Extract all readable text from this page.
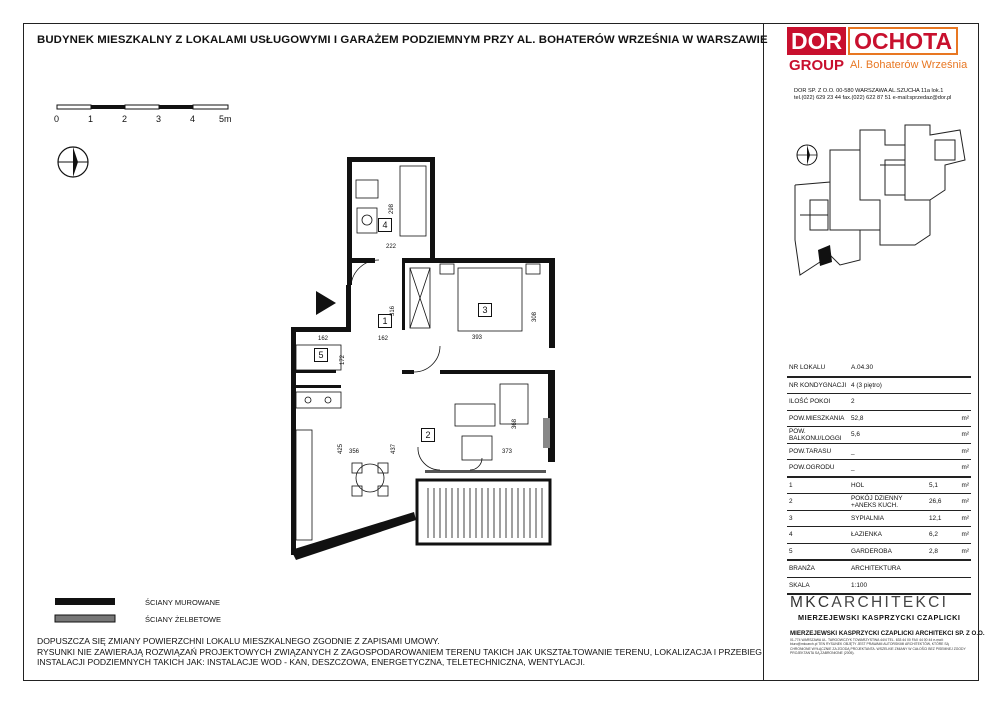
BUDYNEK MIESZKALNY Z LOKALAMI USŁUGOWYMI I GARAŻEM PODZIEMNYM PRZY AL. BOHATERÓW WRZEŚNIA W WARSZAWIE
0	1	2	3	4	5m
1
2
3
4
5
298
222
316
162	162
172
393
308
356
425	437	373
368
ŚCIANY MUROWANE
ŚCIANY ŻELBETOWE
DOPUSZCZA SIĘ ZMIANY POWIERZCHNI LOKALU MIESZKALNEGO ZGODNIE Z ZAPISAMI UMOWY.
RYSUNKI NIE ZAWIERAJĄ ROZWIĄZAŃ PROJEKTOWYCH ZWIĄZANYCH Z ZAGOSPODAROWANIEM TERENU TAKICH JAK UKSZTAŁTOWANIE TERENU, LOKALIZACJA I PRZEBIEG
INSTALACJI PODZIEMNYCH TAKICH JAK: INSTALACJE WOD - KAN, DESZCZOWA, ENERGETYCZNA, TELETECHNICZNA, WENTYLACJI.
DOR OCHOTA
GROUP Al. Bohaterów Września
DOR SP. Z O.O. 00-580 WARSZAWA AL.SZUCHA 11a lok.1
tel.(022) 629 23 44 fax.(022) 622 87 51 e-mail:sprzedaz@dor.pl
NR LOKALU	A.04.30		
NR KONDYGNACJI	4 (3 piętro)		
ILOŚĆ POKOI	2		
POW.MIESZKANIA	52,8		m²
POW. BALKONU/LOGGI	5,6		m²
POW.TARASU	_		m²
POW.OGRODU	_		m²
1	HOL	5,1	m²
2	POKÓJ DZIENNY +ANEKS KUCH.	26,6	m²
3	SYPIALNIA	12,1	m²
4	ŁAZIENKA	6,2	m²
5	GARDEROBA	2,8	m²
BRANŻA	ARCHITEKTURA		
SKALA	1:100		
MKCARCHITEKCI
MIERZEJEWSKI KASPRZYCKI CZAPLICKI
MIERZEJEWSKI KASPRZYCKI CZAPLICKI ARCHITEKCI SP. Z O.O.
01-774 WARSZAWA UL. TARGOWCZYK TOWARZYSTWA 44/4 TEL. 633 44 00 FAX 44 00 44 e-mail: biuro@mkcarch.pl TEN RYSUNEK OBJĘTY JEST PRAWAMI AUTORSKIMI ARCHITEKTÓW, KTÓRE SĄ CHRONIONE WYŁĄCZNIE ZA ZGODĄ PROJEKTANTA. WSZELKIE ZMIANY W CAŁOŚCI BEZ PISEMNEJ ZGODY PROJEKTANTA SĄ ZABRONIONE (2005).
